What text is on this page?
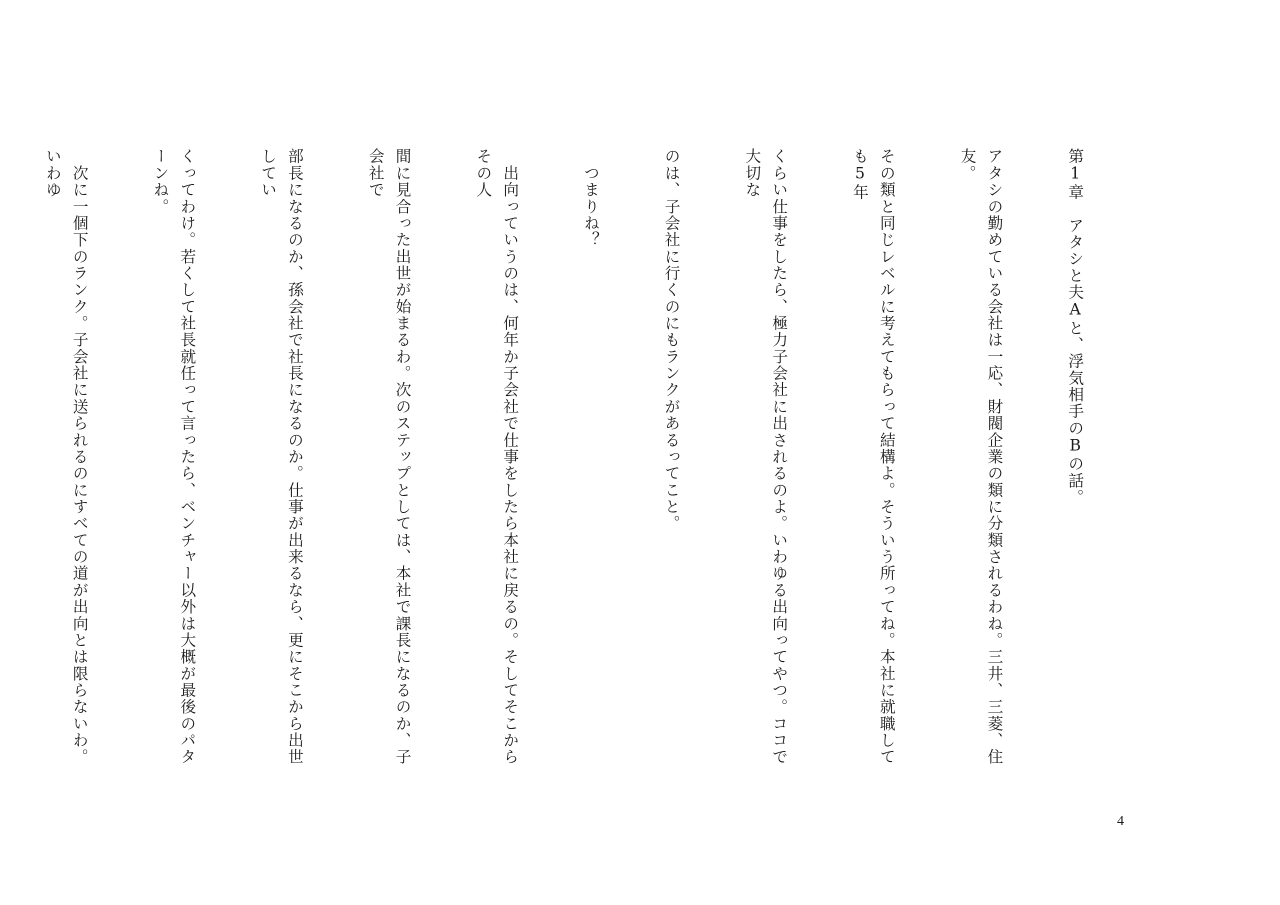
第1章　アタシと夫Aと、浮気相手のBの話。

アタシの勤めている会社は一応、財閥企業の類に分類されるわね。三井、三菱、住友。

その類と同じレベルに考えてもらって結構よ。そういう所ってね。本社に就職しても5年

くらい仕事をしたら、極力子会社に出されるのよ。いわゆる出向ってやつ。ココで大切な

のは、子会社に行くのにもランクがあるってこと。

　つまりね？

　出向っていうのは、何年か子会社で仕事をしたら本社に戻るの。そしてそこからその人

間に見合った出世が始まるわ。次のステップとしては、本社で課長になるのか、子会社で

部長になるのか、孫会社で社長になるのか。仕事が出来るなら、更にそこから出世してい

くってわけ。若くして社長就任って言ったら、ベンチャー以外は大概が最後のパターンね。

　次に一個下のランク。子会社に送られるのにすべての道が出向とは限らないわ。いわゆ

4
